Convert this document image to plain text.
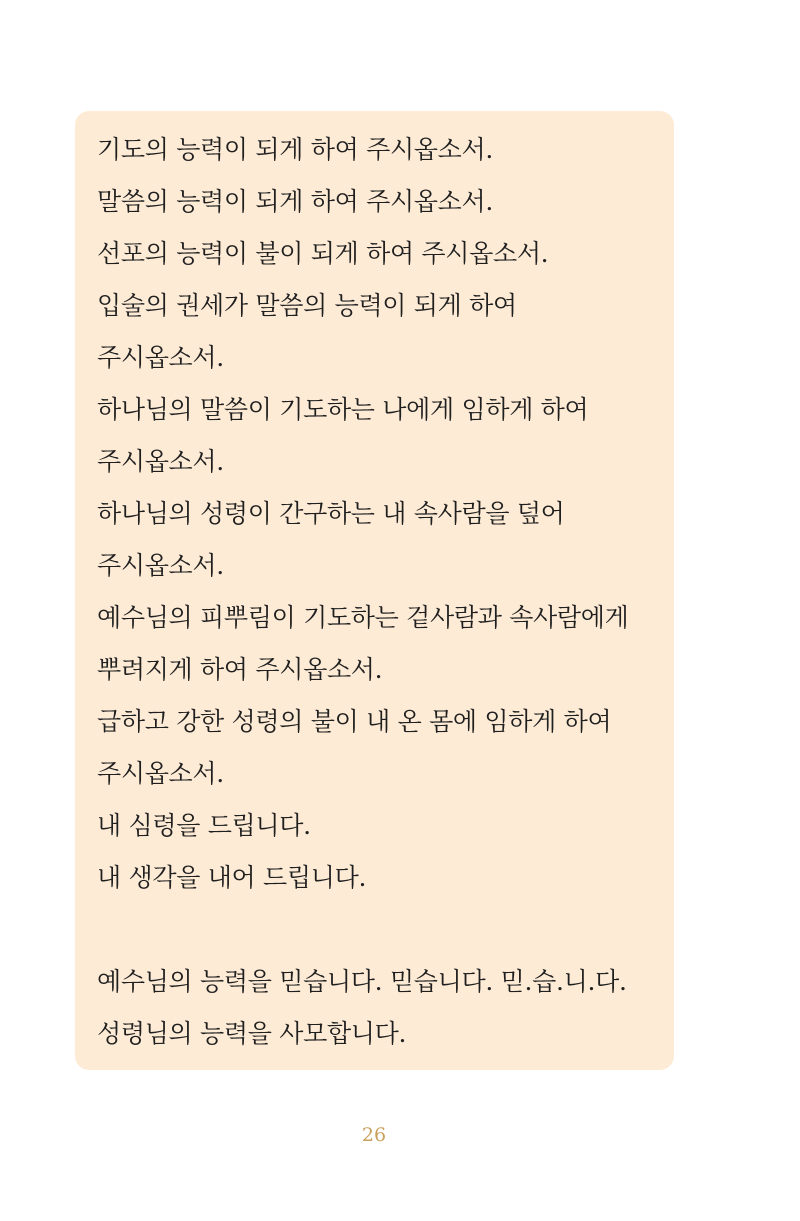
기도의 능력이 되게 하여 주시옵소서.
말씀의 능력이 되게 하여 주시옵소서.
선포의 능력이 불이 되게 하여 주시옵소서.
입술의 권세가 말씀의 능력이 되게 하여
주시옵소서.
하나님의 말씀이 기도하는 나에게 임하게 하여
주시옵소서.
하나님의 성령이 간구하는 내 속사람을 덮어
주시옵소서.
예수님의 피뿌림이 기도하는 겉사람과 속사람에게
뿌려지게 하여 주시옵소서.
급하고 강한 성령의 불이 내 온 몸에 임하게 하여
주시옵소서.
내 심령을 드립니다.
내 생각을 내어 드립니다.
예수님의 능력을 믿습니다. 믿습니다. 믿.습.니.다.
성령님의 능력을 사모합니다.
26
